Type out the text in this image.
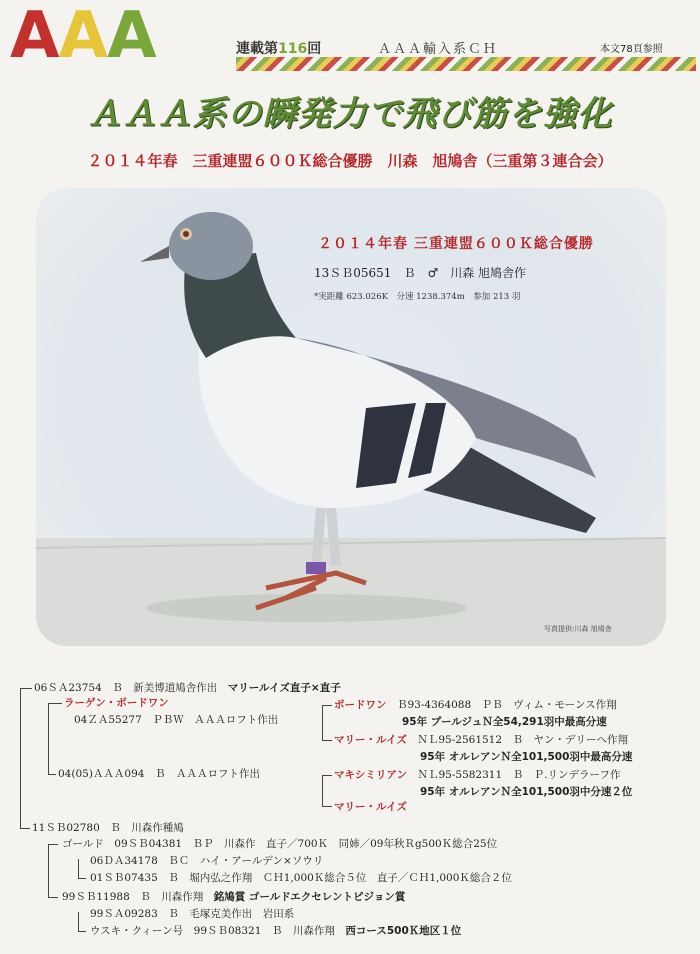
AAA	連載第116回	ＡＡＡ輸入系ＣＨ	本文78頁参照
ＡＡＡ系の瞬発力で飛び筋を強化
２０１４年春　三重連盟６００Ｋ総合優勝　川森　旭鳩舎（三重第３連合会）
２０１４年春 三重連盟６００Ｋ総合優勝
13ＳＢ05651　Ｂ　♂　川森 旭鳩舎作
*実距離 623.026K　分速 1238.374m　参加 213 羽
写真提供:川森 旭鳩舎
06ＳＡ23754　Ｂ　新美博道鳩舎作出　 マリールイズ直子×直子
ラーゲン・ボードワン
04ＺＡ55277　ＰＢＷ　ＡＡＡロフト作出
ボードワン　 Ｂ93-4364088　ＰＢ　ヴィム・モーンス作翔
95年 プールジュＮ全54,291羽中最高分速
マリー・ルイズ　 ＮＬ95-2561512　Ｂ　ヤン・デリーへ作翔
95年 オルレアンＮ全101,500羽中最高分速
04(05)ＡＡＡ094　Ｂ　ＡＡＡロフト作出	マキシミリアン　 ＮＬ95-5582311　Ｂ　Ｐ.リンデラーフ作
95年 オルレアンＮ全101,500羽中分速２位
マリー・ルイズ
11ＳＢ02780　Ｂ　川森作種鳩
ゴールド　09ＳＢ04381　ＢＰ　川森作　直子／700Ｋ　同姉／09年秋Ｒg500Ｋ総合25位
06ＤＡ34178　ＢＣ　ハイ・アールデン×ソウリ
01ＳＢ07435　Ｂ　堀内弘之作翔　ＣＨ1,000Ｋ総合５位　直子／ＣＨ1,000Ｋ総合２位
99ＳＢ11988　Ｂ　川森作翔　 銘鳩賞 ゴールドエクセレントピジョン賞
99ＳＡ09283　Ｂ　毛塚克美作出　岩田系
ウスキ・クィーン号　99ＳＢ08321　Ｂ　川森作翔　 西コース500Ｋ地区１位
